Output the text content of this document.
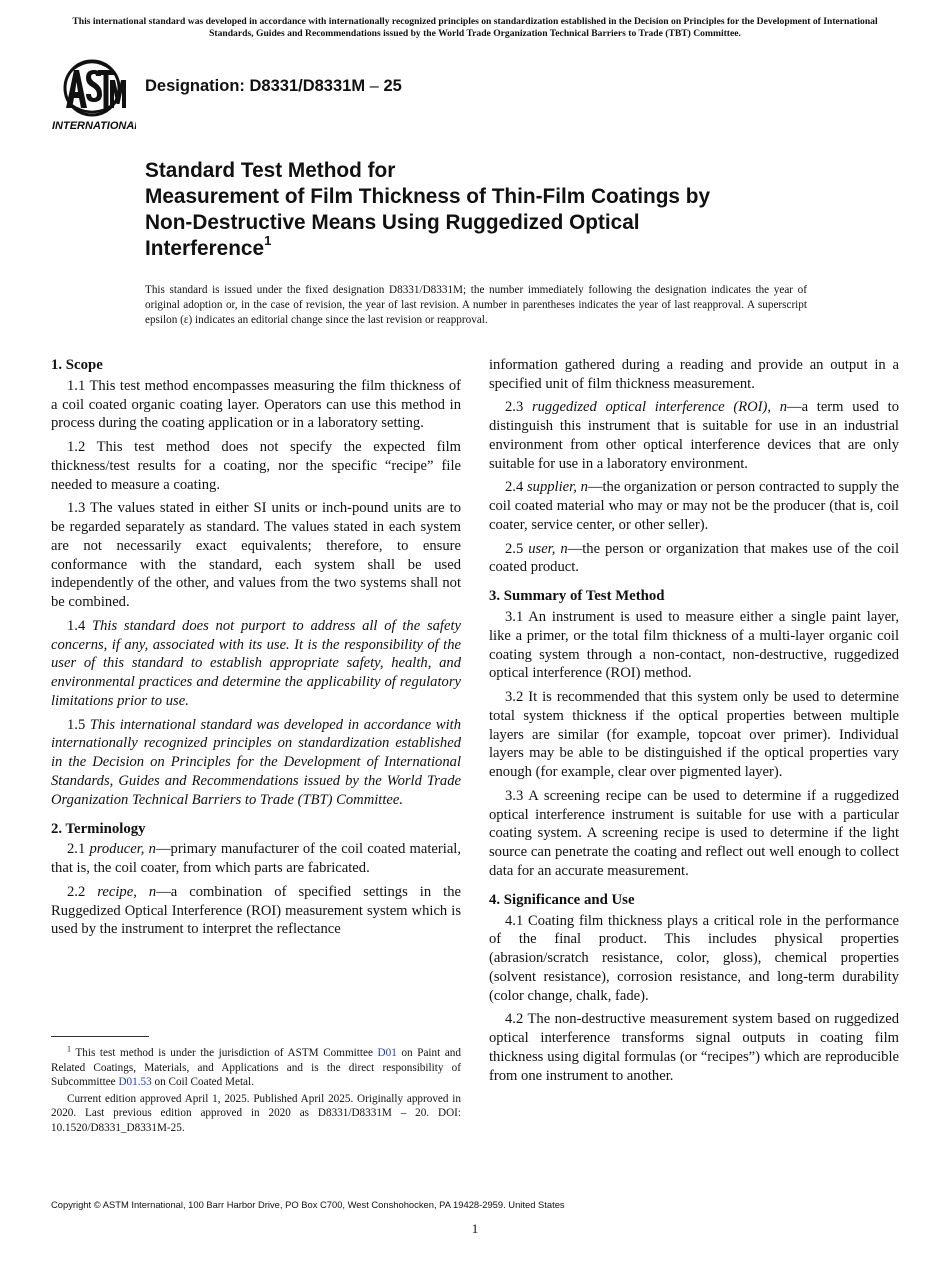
This international standard was developed in accordance with internationally recognized principles on standardization established in the Decision on Principles for the Development of International Standards, Guides and Recommendations issued by the World Trade Organization Technical Barriers to Trade (TBT) Committee.
INTERNATIONAL
Designation: D8331/D8331M – 25
Standard Test Method for
Measurement of Film Thickness of Thin-Film Coatings by
Non-Destructive Means Using Ruggedized Optical
Interference$^1$
This standard is issued under the fixed designation D8331/D8331M; the number immediately following the designation indicates the year of original adoption or, in the case of revision, the year of last revision. A number in parentheses indicates the year of last reapproval. A superscript epsilon (ε) indicates an editorial change since the last revision or reapproval.
1. Scope

1.1 This test method encompasses measuring the film thickness of a coil coated organic coating layer. Operators can use this method in process during the coating application or in a laboratory setting.

1.2 This test method does not specify the expected film thickness/test results for a coating, nor the specific “recipe” file needed to measure a coating.

1.3 The values stated in either SI units or inch-pound units are to be regarded separately as standard. The values stated in each system are not necessarily exact equivalents; therefore, to ensure conformance with the standard, each system shall be used independently of the other, and values from the two systems shall not be combined.

1.4 This standard does not purport to address all of the safety concerns, if any, associated with its use. It is the responsibility of the user of this standard to establish appropriate safety, health, and environmental practices and determine the applicability of regulatory limitations prior to use.

1.5 This international standard was developed in accordance with internationally recognized principles on standardization established in the Decision on Principles for the Development of International Standards, Guides and Recommendations issued by the World Trade Organization Technical Barriers to Trade (TBT) Committee.

2. Terminology

2.1 producer, n—primary manufacturer of the coil coated material, that is, the coil coater, from which parts are fabricated.

2.2 recipe, n—a combination of specified settings in the Ruggedized Optical Interference (ROI) measurement system which is used by the instrument to interpret the reflectance

information gathered during a reading and provide an output in a specified unit of film thickness measurement.

2.3 ruggedized optical interference (ROI), n—a term used to distinguish this instrument that is suitable for use in an industrial environment from other optical interference devices that are only suitable for use in a laboratory environment.

2.4 supplier, n—the organization or person contracted to supply the coil coated material who may or may not be the producer (that is, coil coater, service center, or other seller).

2.5 user, n—the person or organization that makes use of the coil coated product.

3. Summary of Test Method

3.1 An instrument is used to measure either a single paint layer, like a primer, or the total film thickness of a multi-layer organic coil coating system through a non-contact, non-destructive, ruggedized optical interference (ROI) method.

3.2 It is recommended that this system only be used to determine total system thickness if the optical properties between multiple layers are similar (for example, topcoat over primer). Individual layers may be able to be distinguished if the optical properties vary enough (for example, clear over pigmented layer).

3.3 A screening recipe can be used to determine if a ruggedized optical interference instrument is suitable for use with a particular coating system. A screening recipe is used to determine if the light source can penetrate the coating and reflect out well enough to collect data for an accurate measurement.

4. Significance and Use

4.1 Coating film thickness plays a critical role in the performance of the final product. This includes physical properties (abrasion/scratch resistance, color, gloss), chemical properties (solvent resistance), corrosion resistance, and long-term durability (color change, chalk, fade).

4.2 The non-destructive measurement system based on ruggedized optical interference transforms signal outputs in coating film thickness using digital formulas (or “recipes”) which are reproducible from one instrument to another.

$^1$ This test method is under the jurisdiction of ASTM Committee D01 on Paint and Related Coatings, Materials, and Applications and is the direct responsibility of Subcommittee D01.53 on Coil Coated Metal.

Current edition approved April 1, 2025. Published April 2025. Originally approved in 2020. Last previous edition approved in 2020 as D8331/D8331M – 20. DOI: 10.1520/D8331_D8331M-25.

Copyright © ASTM International, 100 Barr Harbor Drive, PO Box C700, West Conshohocken, PA 19428-2959. United States
1
